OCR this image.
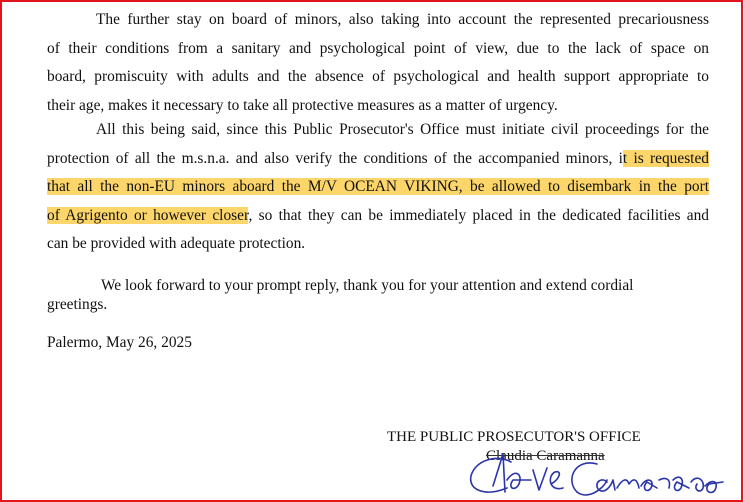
The further stay on board of minors, also taking into account the represented precariousness
of their conditions from a sanitary and psychological point of view, due to the lack of space on
board, promiscuity with adults and the absence of psychological and health support appropriate to
their age, makes it necessary to take all protective measures as a matter of urgency.
All this being said, since this Public Prosecutor's Office must initiate civil proceedings for the
protection of all the m.s.n.a. and also verify the conditions of the accompanied minors, it is requested
that all the non-EU minors aboard the M/V OCEAN VIKING, be allowed to disembark in the port
of Agrigento or however closer, so that they can be immediately placed in the dedicated facilities and
can be provided with adequate protection.
We look forward to your prompt reply, thank you for your attention and extend cordial
greetings.
Palermo, May 26, 2025
THE PUBLIC PROSECUTOR'S OFFICE
Claudia Caramanna
